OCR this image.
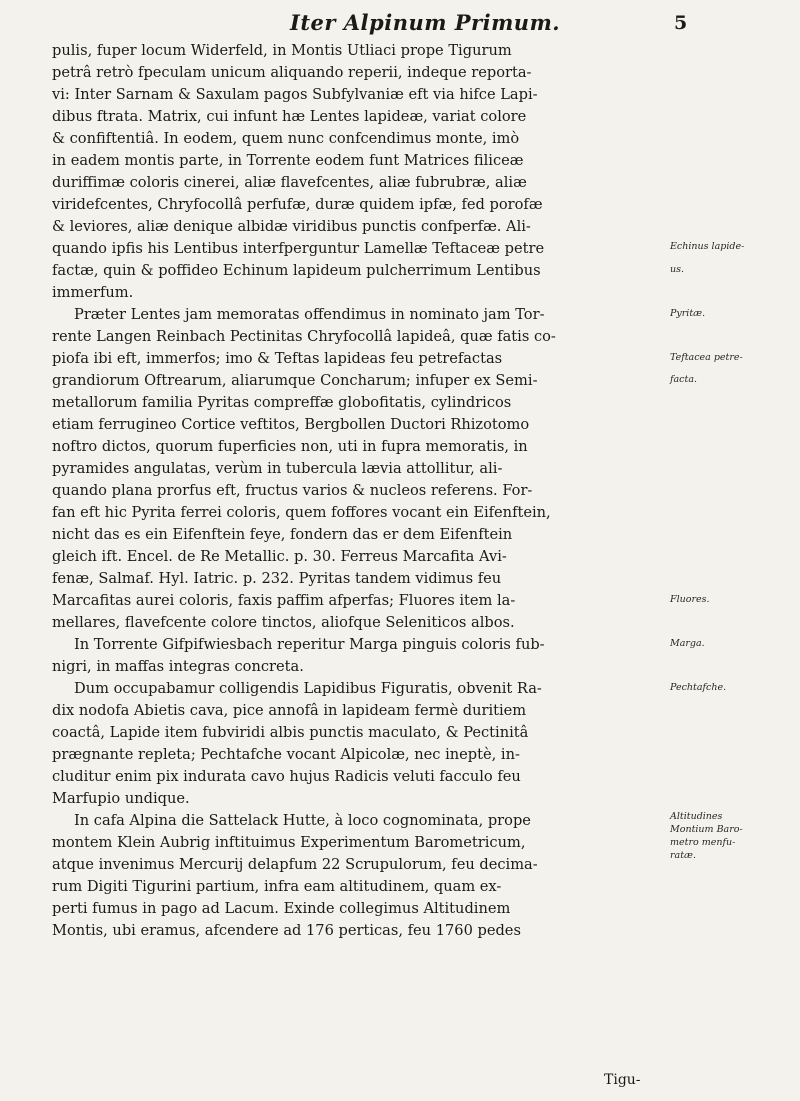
Iter Alpinum Primum.	5
pulis, fuper locum Widerfeld, in Montis Utliaci prope Tigurum
petrâ retrò fpeculam unicum aliquando reperii, indeque reporta-
vi: Inter Sarnam & Saxulam pagos Subfylvaniæ eft via hifce Lapi-
dibus ftrata. Matrix, cui infunt hæ Lentes lapideæ, variat colore
& confiftentiâ. In eodem, quem nunc confcendimus monte, imò
in eadem montis parte, in Torrente eodem funt Matrices filiceæ
duriffimæ coloris cinerei, aliæ flavefcentes, aliæ fubrubræ, aliæ
viridefcentes, Chryfocollâ perfufæ, duræ quidem ipfæ, fed porofæ
& leviores, aliæ denique albidæ viridibus punctis confperfæ. Ali-
quando ipfis his Lentibus interfperguntur Lamellæ Teftaceæ petre
factæ, quin & poffideo Echinum lapideum pulcherrimum Lentibus
immerfum.
Præter Lentes jam memoratas offendimus in nominato jam Tor-
rente Langen Reinbach Pectinitas Chryfocollâ lapideâ, quæ fatis co-
piofa ibi eft, immerfos; imo & Teftas lapideas feu petrefactas
grandiorum Oftrearum, aliarumque Concharum; infuper ex Semi-
metallorum familia Pyritas compreffæ globofitatis, cylindricos
etiam ferrugineo Cortice veftitos, Bergbollen Ductori Rhizotomo
noftro dictos, quorum fuperficies non, uti in fupra memoratis, in
pyramides angulatas, verùm in tubercula lævia attollitur, ali-
quando plana prorfus eft, fructus varios & nucleos referens. For-
fan eft hic Pyrita ferrei coloris, quem foffores vocant ein Eifenftein,
nicht das es ein Eifenftein feye, fondern das er dem Eifenftein
gleich ift. Encel. de Re Metallic. p. 30. Ferreus Marcafita Avi-
fenæ, Salmaf. Hyl. Iatric. p. 232. Pyritas tandem vidimus feu
Marcafitas aurei coloris, faxis paffim afperfas; Fluores item la-
mellares, flavefcente colore tinctos, aliofque Seleniticos albos.
In Torrente Gifpifwiesbach reperitur Marga pinguis coloris fub-
nigri, in maffas integras concreta.
Dum occupabamur colligendis Lapidibus Figuratis, obvenit Ra-
dix nodofa Abietis cava, pice annofâ in lapideam fermè duritiem
coactâ, Lapide item fubviridi albis punctis maculato, & Pectinitâ
prægnante repleta; Pechtafche vocant Alpicolæ, nec ineptè, in-
cluditur enim pix indurata cavo hujus Radicis veluti facculo feu
Marfupio undique.
In cafa Alpina die Sattelack Hutte, à loco cognominata, prope
montem Klein Aubrig inftituimus Experimentum Barometricum,
atque invenimus Mercurij delapfum 22 Scrupulorum, feu decima-
rum Digiti Tigurini partium, infra eam altitudinem, quam ex-
perti fumus in pago ad Lacum. Exinde collegimus Altitudinem
Montis, ubi eramus, afcendere ad 176 perticas, feu 1760 pedes
Echinus lapide-
us.
Pyritæ.
Teftacea petre-
facta.
Fluores.
Marga.
Pechtafche.
Altitudines
Montium Baro-
metro menfu-
ratæ.
Tigu-
